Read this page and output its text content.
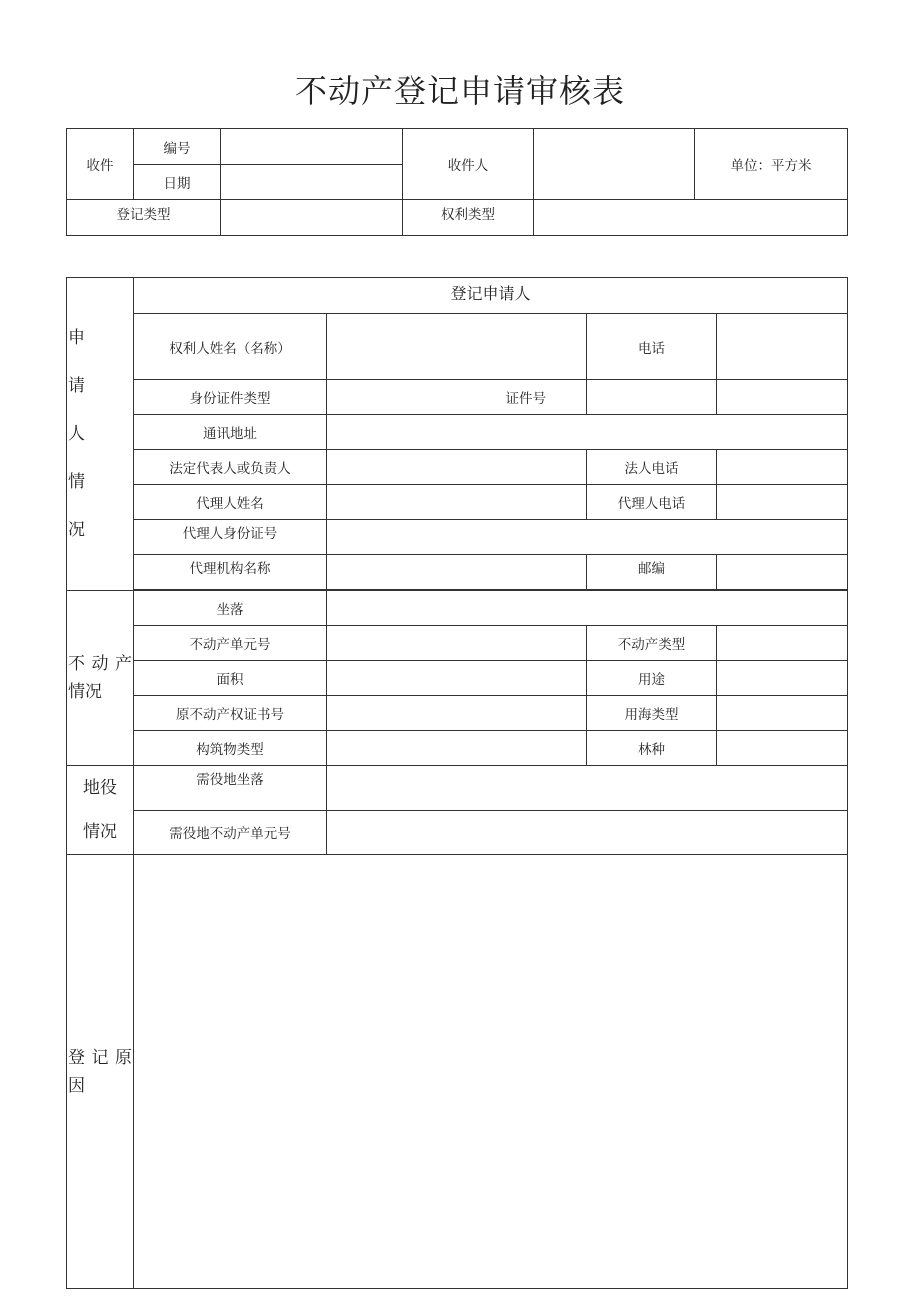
不动产登记申请审核表
收件	编号		收件人		单位：平方米
	日期				
登记类型			权利类型		
申
请
人
情
况	登记申请人			
	权利人姓名（名称）		电话	
	身份证件类型	证件号		
	通讯地址			
	法定代表人或负责人		法人电话	
	代理人姓名		代理人电话	
	代理人身份证号			
	代理机构名称		邮编	

不动产情况	坐落			
	不动产单元号		不动产类型	
	面积		用途	
	原不动产权证书号		用海类型	
	构筑物类型		林种	

地役
情况	需役地坐落			
	需役地不动产单元号			
登记原因				
